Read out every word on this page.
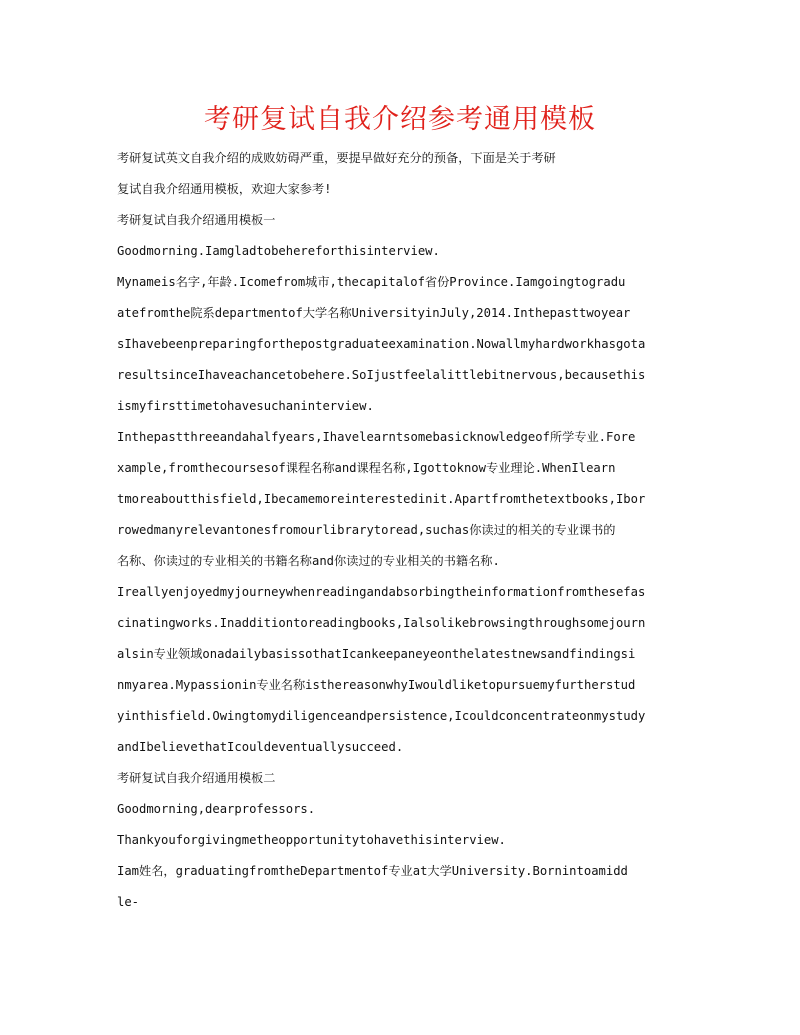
考研复试自我介绍参考通用模板
考研复试英文自我介绍的成败妨碍严重，要提早做好充分的预备，下面是关于考研
复试自我介绍通用模板，欢迎大家参考!
考研复试自我介绍通用模板一
Goodmorning.Iamgladtobehereforthisinterview.
Mynameis名字,年龄.Icomefrom城市,thecapitalof省份Province.Iamgoingtogradu
atefromthe院系departmentof大学名称UniversityinJuly,2014.Inthepasttwoyear
sIhavebeenpreparingforthepostgraduateexamination.Nowallmyhardworkhasgota
resultsinceIhaveachancetobehere.SoIjustfeelalittlebitnervous,becausethis
ismyfirsttimetohavesuchaninterview.
Inthepastthreeandahalfyears,Ihavelearntsomebasicknowledgeof所学专业.Fore
xample,fromthecoursesof课程名称and课程名称,Igottoknow专业理论.WhenIlearn
tmoreaboutthisfield,Ibecamemoreinterestedinit.Apartfromthetextbooks,Ibor
rowedmanyrelevantonesfromourlibrarytoread,suchas你读过的相关的专业课书的
名称、你读过的专业相关的书籍名称and你读过的专业相关的书籍名称.
Ireallyenjoyedmyjourneywhenreadingandabsorbingtheinformationfromthesefas
cinatingworks.Inadditiontoreadingbooks,Ialsolikebrowsingthroughsomejourn
alsin专业领域onadailybasissothatIcankeepaneyeonthelatestnewsandfindingsi
nmyarea.Mypassionin专业名称isthereasonwhyIwouldliketopursuemyfurtherstud
yinthisfield.Owingtomydiligenceandpersistence,Icouldconcentrateonmystudy
andIbelievethatIcouldeventuallysucceed.
考研复试自我介绍通用模板二
Goodmorning,dearprofessors.
Thankyouforgivingmetheopportunitytohavethisinterview.
Iam姓名，graduatingfromtheDepartmentof专业at大学University.Bornintoamidd
le-
